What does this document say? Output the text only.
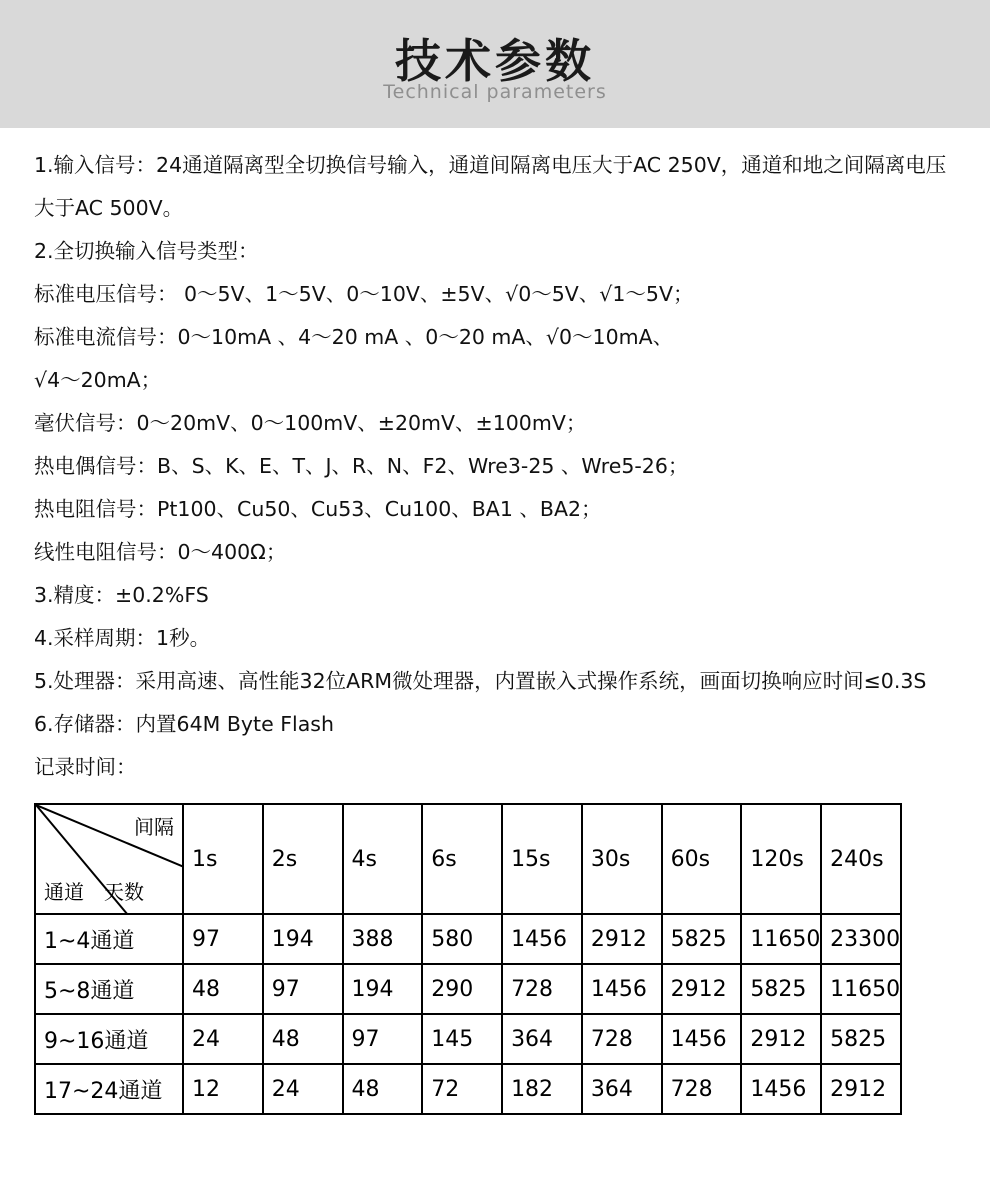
技术参数
Technical parameters
1.输入信号：24通道隔离型全切换信号输入，通道间隔离电压大于AC 250V，通道和地之间隔离电压大于AC 500V。
2.全切换输入信号类型：
标准电压信号： 0～5V、1～5V、0～10V、±5V、√0～5V、√1～5V；
标准电流信号：0～10mA 、4～20 mA 、0～20 mA、√0～10mA、
√4～20mA；
毫伏信号：0～20mV、0～100mV、±20mV、±100mV；
热电偶信号：B、S、K、E、T、J、R、N、F2、Wre3-25 、Wre5-26；
热电阻信号：Pt100、Cu50、Cu53、Cu100、BA1 、BA2；
线性电阻信号：0～400Ω；
3.精度：±0.2%FS
4.采样周期：1秒。
5.处理器：采用高速、高性能32位ARM微处理器，内置嵌入式操作系统，画面切换响应时间≤0.3S
6.存储器：内置64M Byte Flash
记录时间：
间隔
天数
通道	1s	2s	4s	6s	15s	30s	60s	120s	240s
1~4通道	97	194	388	580	1456	2912	5825	11650	23300
5~8通道	48	97	194	290	728	1456	2912	5825	11650
9~16通道	24	48	97	145	364	728	1456	2912	5825
17~24通道	12	24	48	72	182	364	728	1456	2912
